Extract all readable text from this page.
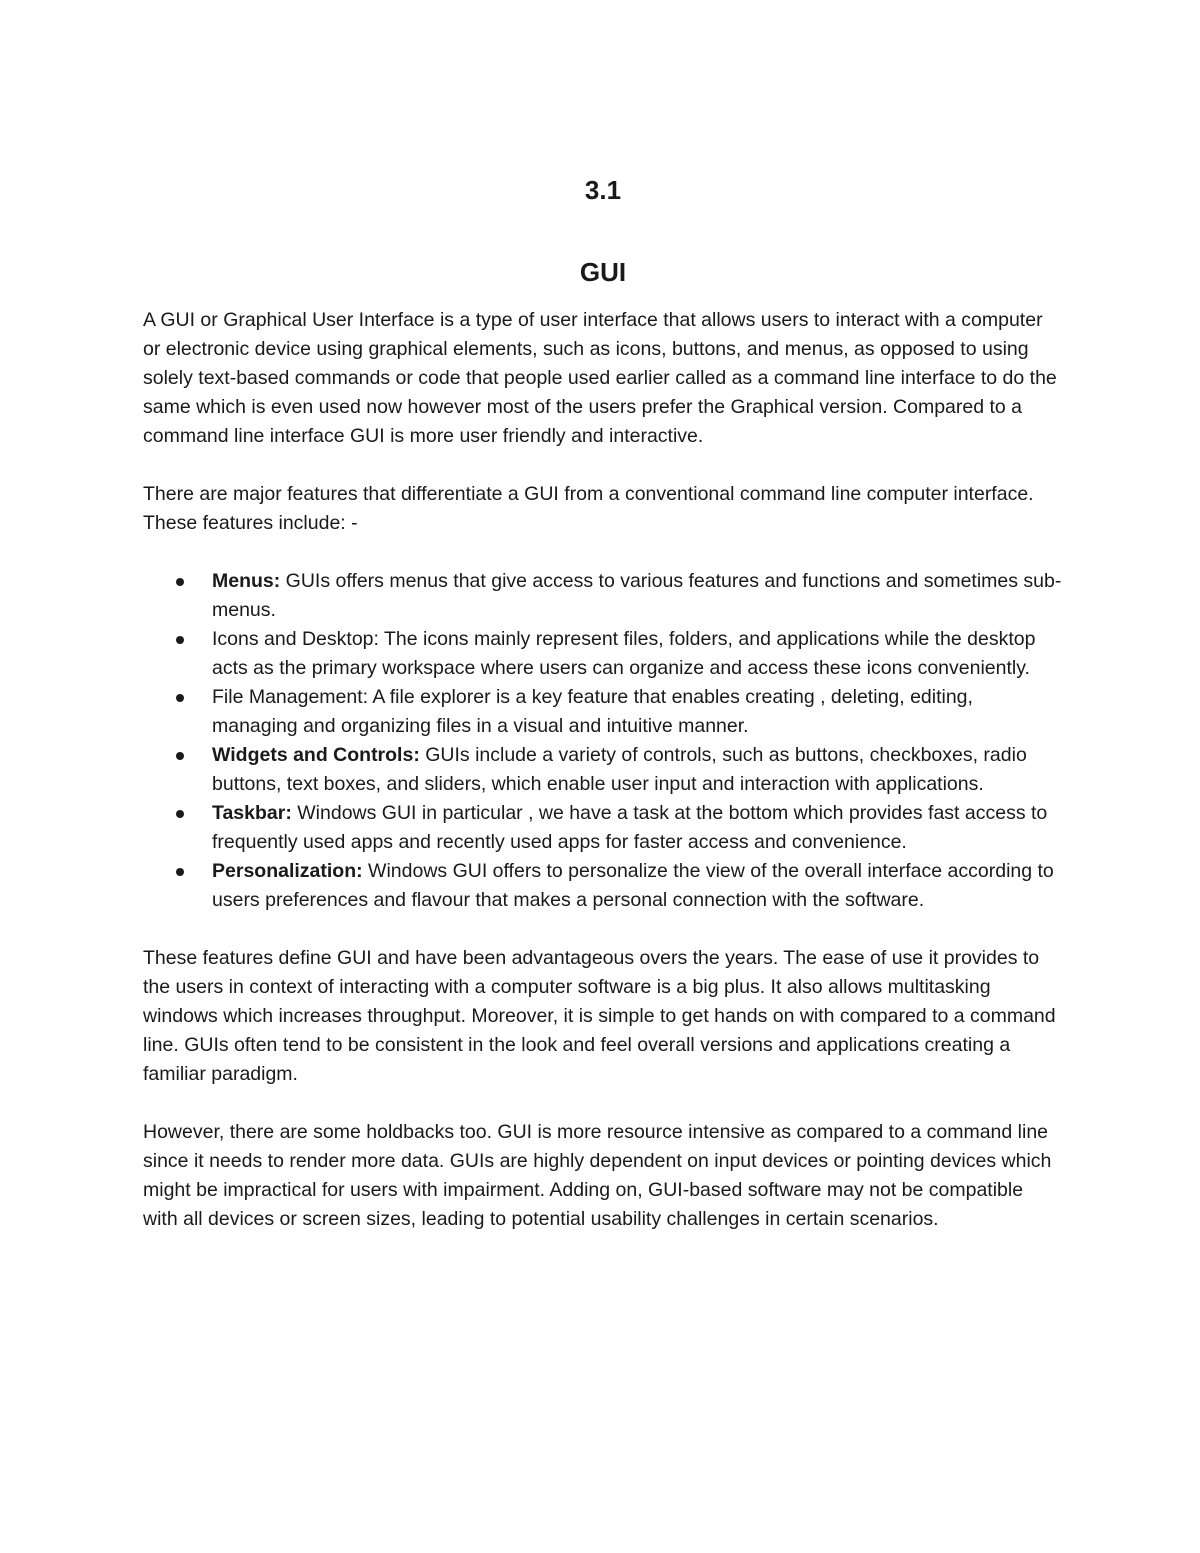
3.1
GUI

A GUI or Graphical User Interface is a type of user interface that allows users to interact with a computer or electronic device using graphical elements, such as icons, buttons, and menus, as opposed to using solely text-based commands or code that people used earlier called as a command line interface to do the same which is even used now however most of the users prefer the Graphical version. Compared to a command line interface GUI is more user friendly and interactive.

There are major features that differentiate a GUI from a conventional command line computer interface. These features include: -

Menus: GUIs offers menus that give access to various features and functions and sometimes sub-menus.
Icons and Desktop: The icons mainly represent files, folders, and applications while the desktop acts as the primary workspace where users can organize and access these icons conveniently.
File Management: A file explorer is a key feature that enables creating , deleting, editing, managing and organizing files in a visual and intuitive manner.
Widgets and Controls: GUIs include a variety of controls, such as buttons, checkboxes, radio buttons, text boxes, and sliders, which enable user input and interaction with applications.
Taskbar: Windows GUI in particular , we have a task at the bottom which provides fast access to frequently used apps and recently used apps for faster access and convenience.
Personalization: Windows GUI offers to personalize the view of the overall interface according to users preferences and flavour that makes a personal connection with the software.

These features define GUI and have been advantageous overs the years. The ease of use it provides to the users in context of interacting with a computer software is a big plus. It also allows multitasking windows which increases throughput. Moreover, it is simple to get hands on with compared to a command line. GUIs often tend to be consistent in the look and feel overall versions and applications creating a familiar paradigm.

However, there are some holdbacks too. GUI is more resource intensive as compared to a command line since it needs to render more data. GUIs are highly dependent on input devices or pointing devices which might be impractical for users with impairment. Adding on, GUI-based software may not be compatible with all devices or screen sizes, leading to potential usability challenges in certain scenarios.
